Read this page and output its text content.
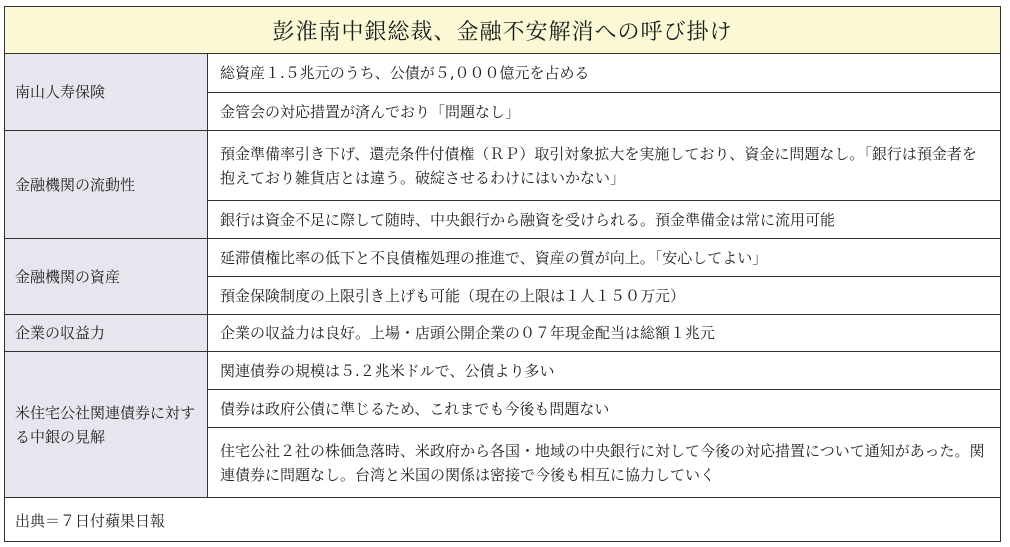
彭淮南中銀総裁、金融不安解消への呼び掛け
南山人寿保険	総資産１.５兆元のうち、公債が５,０００億元を占める
	金管会の対応措置が済んでおり「問題なし」
金融機関の流動性	預金準備率引き下げ、還売条件付債権（ＲＰ）取引対象拡大を実施しており、資金に問題なし。「銀行は預金者を抱えており雑貨店とは違う。破綻させるわけにはいかない」
	銀行は資金不足に際して随時、中央銀行から融資を受けられる。預金準備金は常に流用可能
金融機関の資産	延滞債権比率の低下と不良債権処理の推進で、資産の質が向上。「安心してよい」
	預金保険制度の上限引き上げも可能（現在の上限は１人１５０万元）
企業の収益力	企業の収益力は良好。上場・店頭公開企業の０７年現金配当は総額１兆元
米住宅公社関連債券に対する中銀の見解	関連債券の規模は５.２兆米ドルで、公債より多い
	債券は政府公債に準じるため、これまでも今後も問題ない
	住宅公社２社の株価急落時、米政府から各国・地域の中央銀行に対して今後の対応措置について通知があった。関連債券に問題なし。台湾と米国の関係は密接で今後も相互に協力していく
出典＝７日付蘋果日報
